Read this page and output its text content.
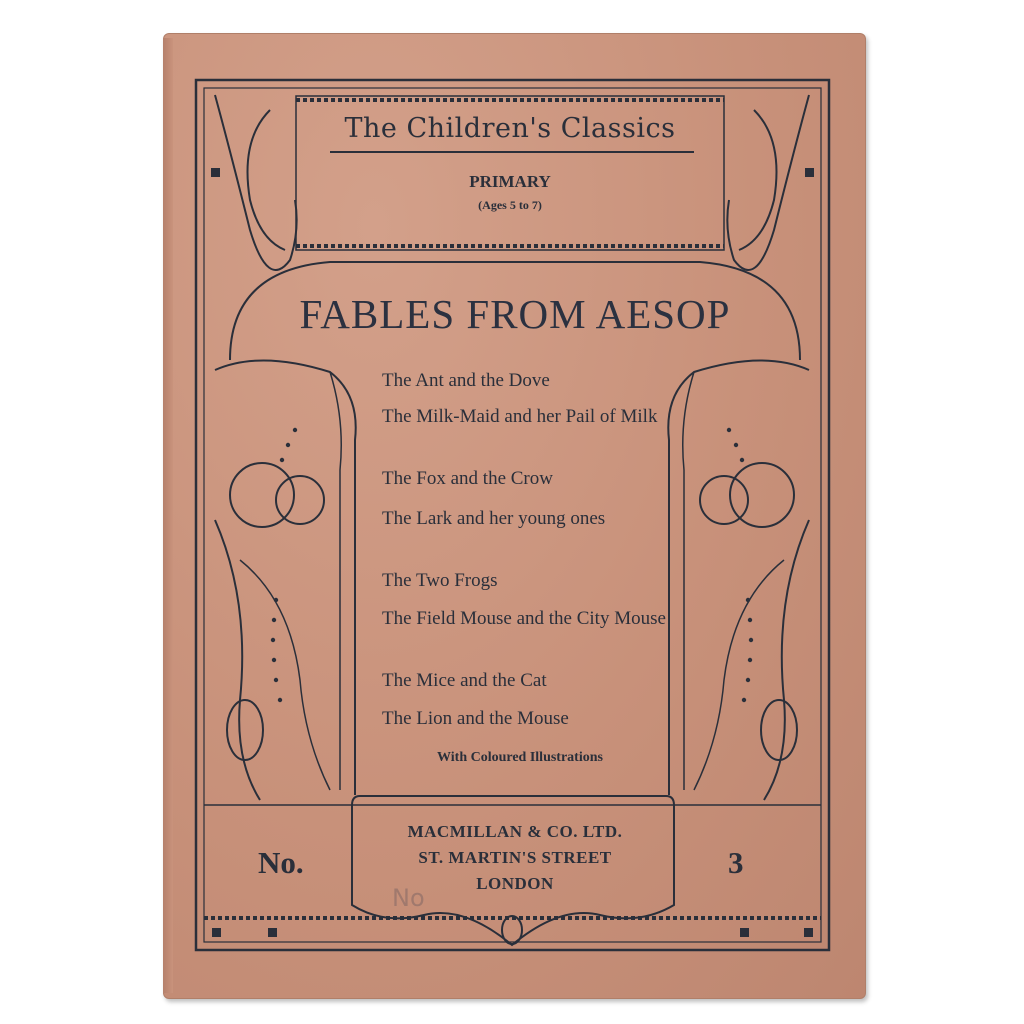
The Children's Classics
PRIMARY
(Ages 5 to 7)
FABLES FROM AESOP
The Ant and the Dove
The Milk-Maid and her Pail of Milk
The Fox and the Crow
The Lark and her young ones
The Two Frogs
The Field Mouse and the City Mouse
The Mice and the Cat
The Lion and the Mouse
With Coloured Illustrations
MACMILLAN & CO. LTD.
ST. MARTIN'S STREET
LONDON
No.	3
No
